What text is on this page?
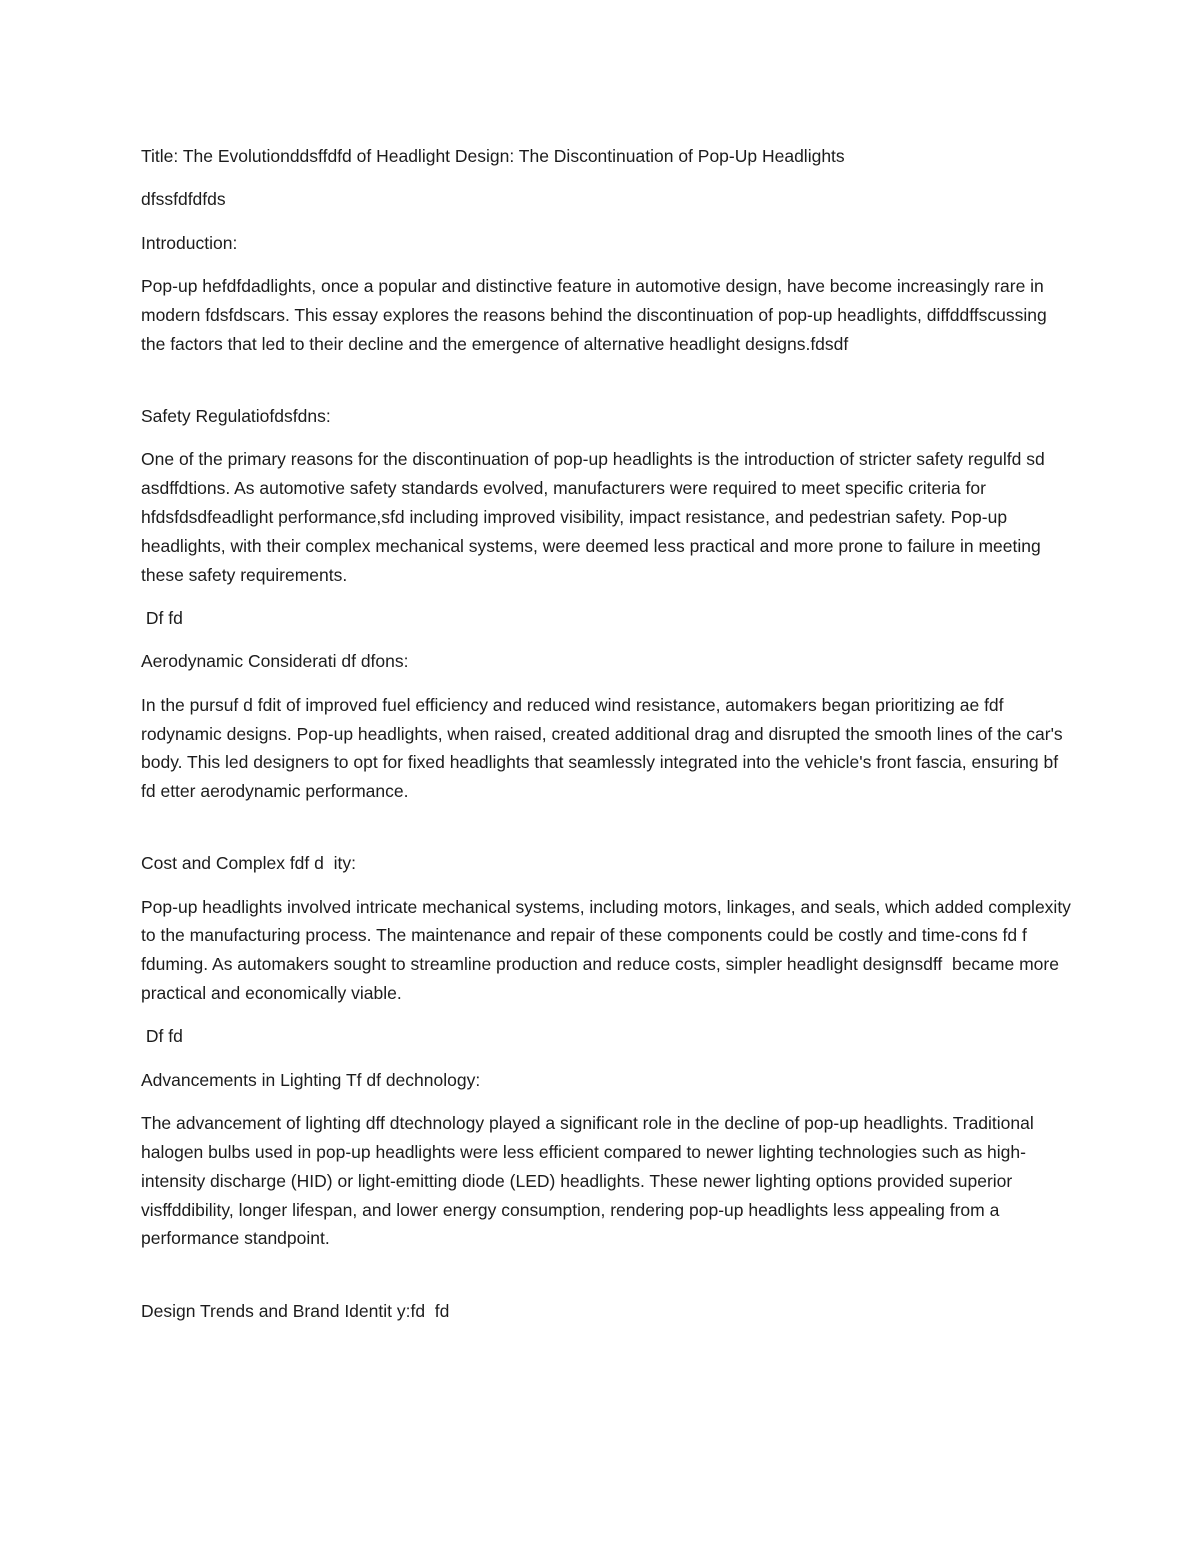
Title: The Evolutionddsffdfd of Headlight Design: The Discontinuation of Pop-Up Headlights

dfssfdfdfds

Introduction:

Pop-up hefdfdadlights, once a popular and distinctive feature in automotive design, have become increasingly rare in modern fdsfdscars. This essay explores the reasons behind the discontinuation of pop-up headlights, diffddffscussing the factors that led to their decline and the emergence of alternative headlight designs.fdsdf

Safety Regulatiofdsfdns:

One of the primary reasons for the discontinuation of pop-up headlights is the introduction of stricter safety regulfd sd asdffdtions. As automotive safety standards evolved, manufacturers were required to meet specific criteria for hfdsfdsdfeadlight performance,sfd including improved visibility, impact resistance, and pedestrian safety. Pop-up headlights, with their complex mechanical systems, were deemed less practical and more prone to failure in meeting these safety requirements.

Df fd

Aerodynamic Considerati df dfons:

In the pursuf d fdit of improved fuel efficiency and reduced wind resistance, automakers began prioritizing ae fdf rodynamic designs. Pop-up headlights, when raised, created additional drag and disrupted the smooth lines of the car's body. This led designers to opt for fixed headlights that seamlessly integrated into the vehicle's front fascia, ensuring bf fd etter aerodynamic performance.

Cost and Complex fdf d  ity:

Pop-up headlights involved intricate mechanical systems, including motors, linkages, and seals, which added complexity to the manufacturing process. The maintenance and repair of these components could be costly and time-cons fd f fduming. As automakers sought to streamline production and reduce costs, simpler headlight designsdff  became more practical and economically viable.

Df fd

Advancements in Lighting Tf df dechnology:

The advancement of lighting dff dtechnology played a significant role in the decline of pop-up headlights. Traditional halogen bulbs used in pop-up headlights were less efficient compared to newer lighting technologies such as high-intensity discharge (HID) or light-emitting diode (LED) headlights. These newer lighting options provided superior visffddibility, longer lifespan, and lower energy consumption, rendering pop-up headlights less appealing from a performance standpoint.

Design Trends and Brand Identit y:fd  fd
